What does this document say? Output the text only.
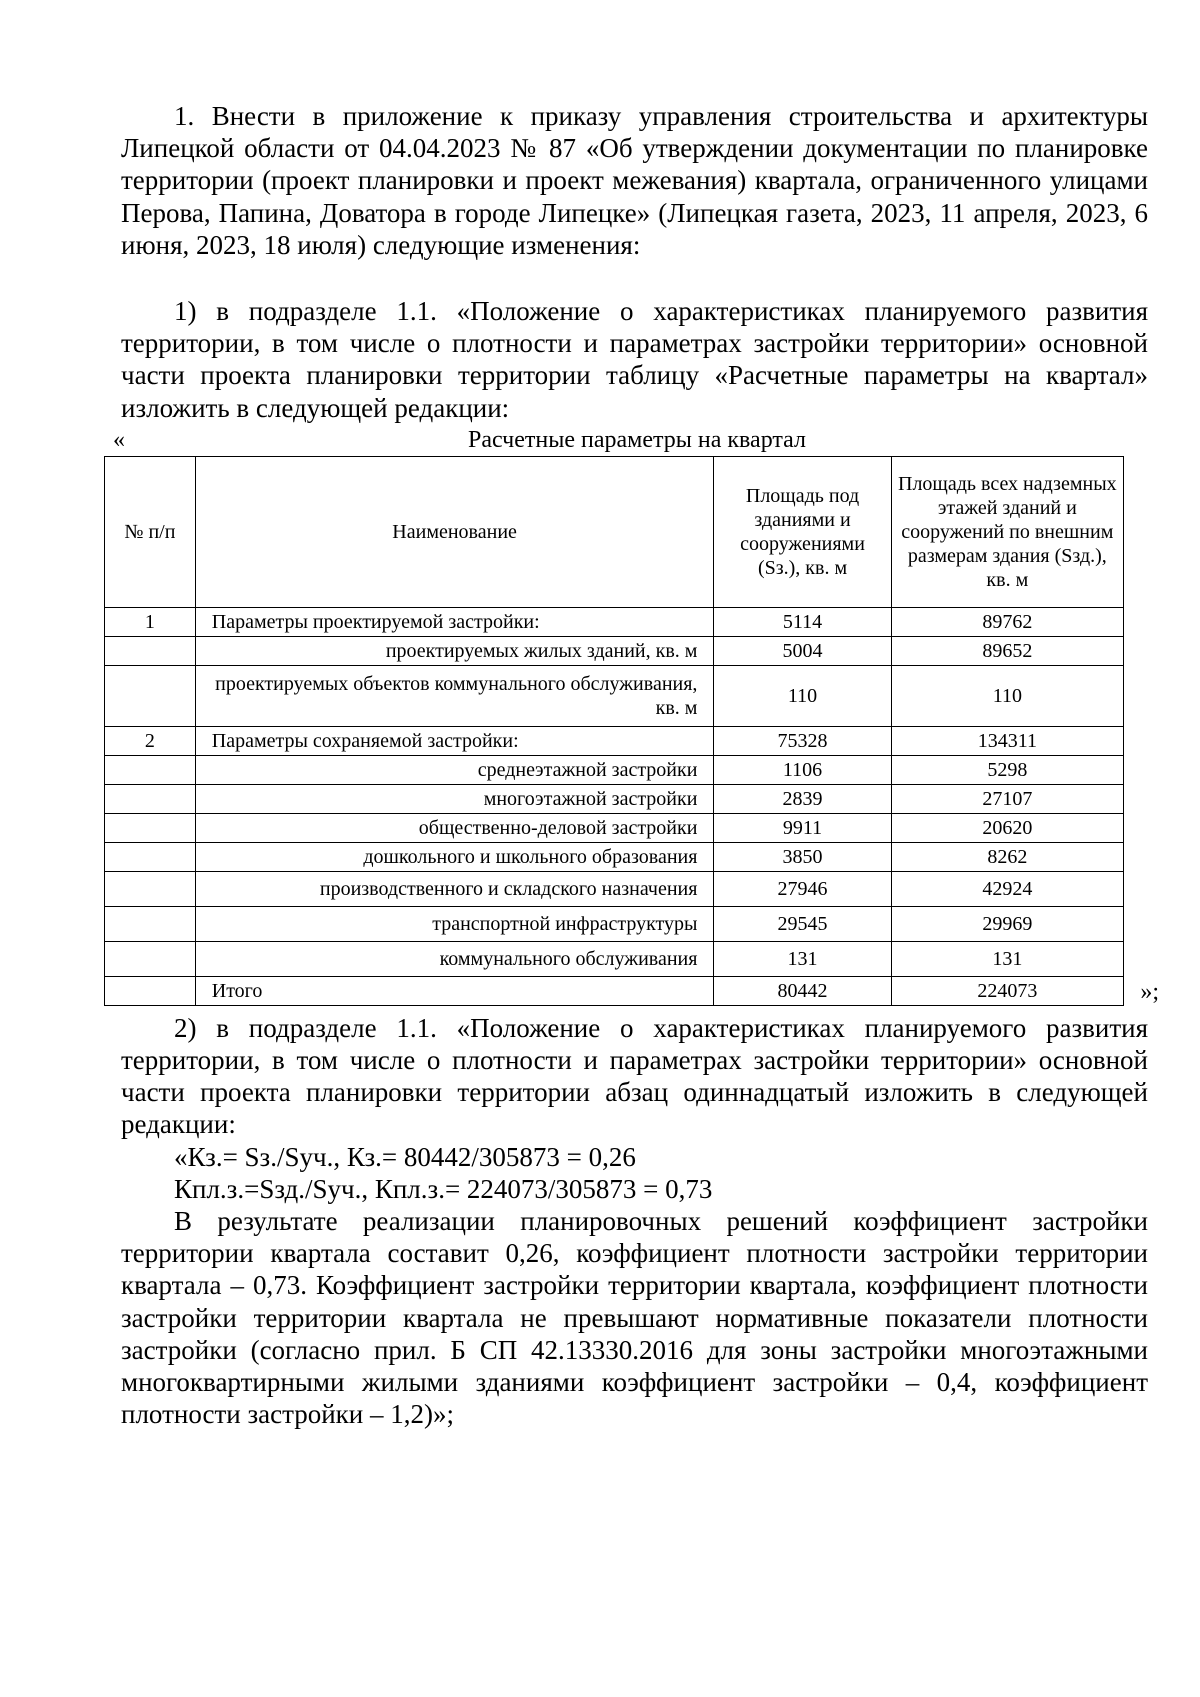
1. Внести в приложение к приказу управления строительства и архитектуры Липецкой области от 04.04.2023 № 87 «Об утверждении документации по планировке территории (проект планировки и проект межевания) квартала, ограниченного улицами Перова, Папина, Доватора в городе Липецке» (Липецкая газета, 2023, 11 апреля, 2023, 6 июня, 2023, 18 июля) следующие изменения:

1) в подразделе 1.1. «Положение о характеристиках планируемого развития территории, в том числе о плотности и параметрах застройки территории» основной части проекта планировки территории таблицу «Расчетные параметры на квартал» изложить в следующей редакции:

«	Расчетные параметры на квартал
№ п/п	Наименование	Площадь под зданиями и сооружениями (Sз.), кв. м	Площадь всех надземных этажей зданий и сооружений по внешним размерам здания (Sзд.), кв. м
1	Параметры проектируемой застройки:	5114	89762
	проектируемых жилых зданий, кв. м	5004	89652
	проектируемых объектов коммунального обслуживания, кв. м	110	110
2	Параметры сохраняемой застройки:	75328	134311
	среднеэтажной застройки	1106	5298
	многоэтажной застройки	2839	27107
	общественно-деловой застройки	9911	20620
	дошкольного и школьного образования	3850	8262
	производственного и складского назначения	27946	42924
	транспортной инфраструктуры	29545	29969
	коммунального обслуживания	131	131
	Итого	80442	224073	»;

2) в подразделе 1.1. «Положение о характеристиках планируемого развития территории, в том числе о плотности и параметрах застройки территории» основной части проекта планировки территории абзац одиннадцатый изложить в следующей редакции:

«Кз.= Sз./Sуч., Кз.= 80442/305873 = 0,26

Кпл.з.=Sзд./Sуч., Кпл.з.= 224073/305873 = 0,73

В результате реализации планировочных решений коэффициент застройки территории квартала составит 0,26, коэффициент плотности застройки территории квартала – 0,73. Коэффициент застройки территории квартала, коэффициент плотности застройки территории квартала не превышают нормативные показатели плотности застройки (согласно прил. Б СП 42.13330.2016 для зоны застройки многоэтажными многоквартирными жилыми зданиями коэффициент застройки – 0,4, коэффициент плотности застройки – 1,2)»;
